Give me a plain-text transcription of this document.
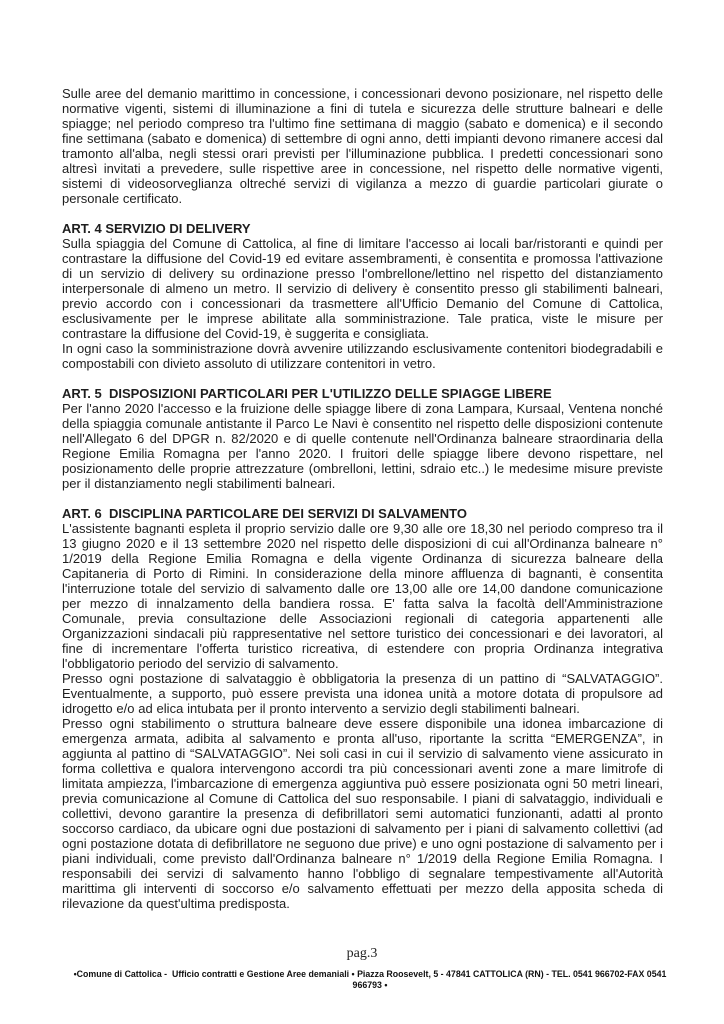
Sulle aree del demanio marittimo in concessione, i concessionari devono posizionare, nel rispetto delle normative vigenti, sistemi di illuminazione a fini di tutela e sicurezza delle strutture balneari e delle spiagge; nel periodo compreso tra l'ultimo fine settimana di maggio (sabato e domenica) e il secondo fine settimana (sabato e domenica) di settembre di ogni anno, detti impianti devono rimanere accesi dal tramonto all'alba, negli stessi orari previsti per l'illuminazione pubblica. I predetti concessionari sono altresì invitati a prevedere, sulle rispettive aree in concessione, nel rispetto delle normative vigenti, sistemi di videosorveglianza oltreché servizi di vigilanza a mezzo di guardie particolari giurate o personale certificato.

ART. 4 SERVIZIO DI DELIVERY

Sulla spiaggia del Comune di Cattolica, al fine di limitare l'accesso ai locali bar/ristoranti e quindi per contrastare la diffusione del Covid-19 ed evitare assembramenti, è consentita e promossa l'attivazione di un servizio di delivery su ordinazione presso l'ombrellone/lettino nel rispetto del distanziamento interpersonale di almeno un metro. Il servizio di delivery è consentito presso gli stabilimenti balneari, previo accordo con i concessionari da trasmettere all'Ufficio Demanio del Comune di Cattolica, esclusivamente per le imprese abilitate alla somministrazione. Tale pratica, viste le misure per contrastare la diffusione del Covid-19, è suggerita e consigliata.

In ogni caso la somministrazione dovrà avvenire utilizzando esclusivamente contenitori biodegradabili e compostabili con divieto assoluto di utilizzare contenitori in vetro.

ART. 5  DISPOSIZIONI PARTICOLARI PER L'UTILIZZO DELLE SPIAGGE LIBERE

Per l'anno 2020 l'accesso e la fruizione delle spiagge libere di zona Lampara, Kursaal, Ventena nonché della spiaggia comunale antistante il Parco Le Navi è consentito nel rispetto delle disposizioni contenute nell'Allegato 6 del DPGR n. 82/2020 e di quelle contenute nell'Ordinanza balneare straordinaria della Regione Emilia Romagna per l'anno 2020. I fruitori delle spiagge libere devono rispettare, nel posizionamento delle proprie attrezzature (ombrelloni, lettini, sdraio etc..) le medesime misure previste per il distanziamento negli stabilimenti balneari.

ART. 6  DISCIPLINA PARTICOLARE DEI SERVIZI DI SALVAMENTO

L'assistente bagnanti espleta il proprio servizio dalle ore 9,30 alle ore 18,30 nel periodo compreso tra il 13 giugno 2020 e il 13 settembre 2020 nel rispetto delle disposizioni di cui all'Ordinanza balneare n° 1/2019 della Regione Emilia Romagna e della vigente Ordinanza di sicurezza balneare della Capitaneria di Porto di Rimini. In considerazione della minore affluenza di bagnanti, è consentita l'interruzione totale del servizio di salvamento dalle ore 13,00 alle ore 14,00 dandone comunicazione per mezzo di innalzamento della bandiera rossa. E' fatta salva la facoltà dell'Amministrazione Comunale, previa consultazione delle Associazioni regionali di categoria appartenenti alle Organizzazioni sindacali più rappresentative nel settore turistico dei concessionari e dei lavoratori, al fine di incrementare l'offerta turistico ricreativa, di estendere con propria Ordinanza integrativa l'obbligatorio periodo del servizio di salvamento.

Presso ogni postazione di salvataggio è obbligatoria la presenza di un pattino di “SALVATAGGIO”. Eventualmente, a supporto, può essere prevista una idonea unità a motore dotata di propulsore ad idrogetto e/o ad elica intubata per il pronto intervento a servizio degli stabilimenti balneari.

Presso ogni stabilimento o struttura balneare deve essere disponibile una idonea imbarcazione di emergenza armata, adibita al salvamento e pronta all'uso, riportante la scritta “EMERGENZA”, in aggiunta al pattino di “SALVATAGGIO”. Nei soli casi in cui il servizio di salvamento viene assicurato in forma collettiva e qualora intervengono accordi tra più concessionari aventi zone a mare limitrofe di limitata ampiezza, l'imbarcazione di emergenza aggiuntiva può essere posizionata ogni 50 metri lineari, previa comunicazione al Comune di Cattolica del suo responsabile. I piani di salvataggio, individuali e collettivi, devono garantire la presenza di defibrillatori semi automatici funzionanti, adatti al pronto soccorso cardiaco, da ubicare ogni due postazioni di salvamento per i piani di salvamento collettivi (ad ogni postazione dotata di defibrillatore ne seguono due prive) e uno ogni postazione di salvamento per i piani individuali, come previsto dall'Ordinanza balneare n° 1/2019 della Regione Emilia Romagna. I responsabili dei servizi di salvamento hanno l'obbligo di segnalare tempestivamente all'Autorità marittima gli interventi di soccorso e/o salvamento effettuati per mezzo della apposita scheda di rilevazione da quest'ultima predisposta.

pag.3
•Comune di Cattolica -  Ufficio contratti e Gestione Aree demaniali • Piazza Roosevelt, 5 - 47841 CATTOLICA (RN) - TEL. 0541 966702-FAX 0541 966793 •
